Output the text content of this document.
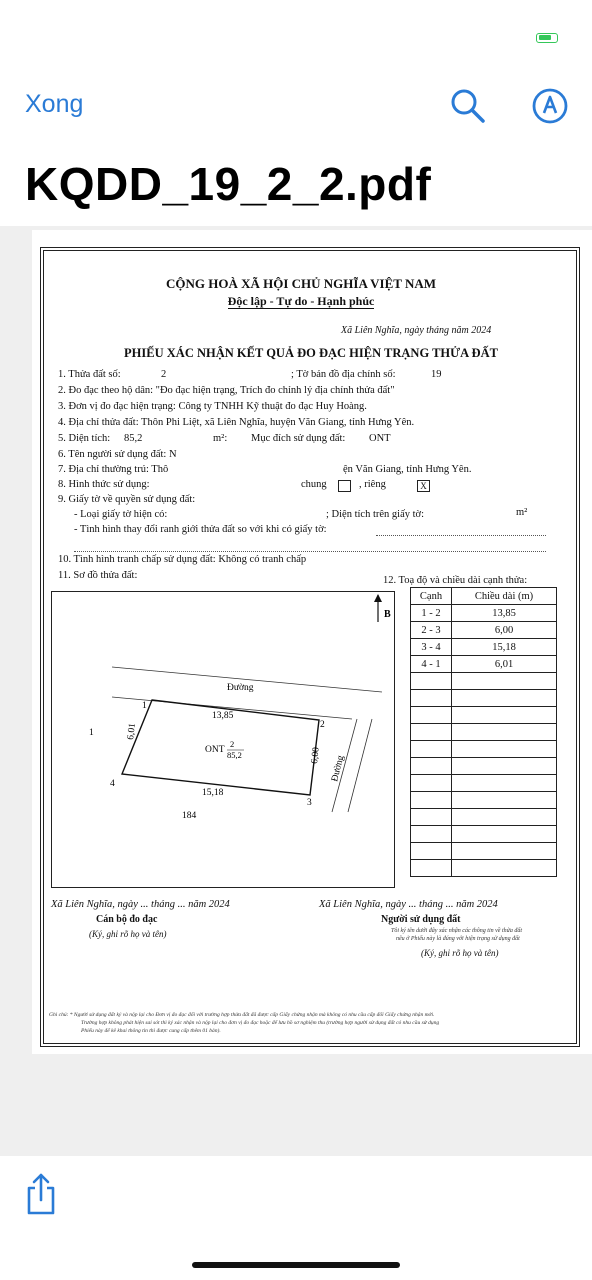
Xong
KQDD_19_2_2.pdf
CỘNG HOÀ XÃ HỘI CHỦ NGHĨA VIỆT NAM
Độc lập - Tự do - Hạnh phúc
Xã Liên Nghĩa, ngày tháng năm 2024
PHIẾU XÁC NHẬN KẾT QUẢ ĐO ĐẠC HIỆN TRẠNG THỬA ĐẤT
1. Thửa đất số:	2	; Tờ bản đồ địa chính số:	19
2. Đo đạc theo hộ dân: "Đo đạc hiện trạng, Trích đo chỉnh lý địa chính thửa đất"
3. Đơn vị đo đạc hiện trạng: Công ty TNHH Kỹ thuật đo đạc Huy Hoàng.
4. Địa chỉ thửa đất: Thôn Phi Liệt, xã Liên Nghĩa, huyện Văn Giang, tỉnh Hưng Yên.
5. Diện tích: 85,2	m²: Mục đích sử dụng đất: ONT
6. Tên người sử dụng đất: N
7. Địa chỉ thường trú: Thô	ện Văn Giang, tỉnh Hưng Yên.
8. Hình thức sử dụng:	chung	, riêng	X
9. Giấy tờ về quyền sử dụng đất:
- Loại giấy tờ hiện có:	; Diện tích trên giấy tờ:	m²
- Tình hình thay đổi ranh giới thửa đất so với khi có giấy tờ:
10. Tình hình tranh chấp sử dụng đất: Không có tranh chấp
11. Sơ đồ thửa đất:	12. Toạ độ và chiều dài cạnh thửa:
B
Đường
Đường
1
2
3
4
1
13,85
6,00
15,18
6,01
ONT
2
85,2
184
Cạnh	Chiều dài (m)
1 - 2	13,85
2 - 3	6,00
3 - 4	15,18
4 - 1	6,01

Xã Liên Nghĩa, ngày ... tháng ... năm 2024	Xã Liên Nghĩa, ngày ... tháng ... năm 2024
Cán bộ đo đạc	Người sử dụng đất
(Ký, ghi rõ họ và tên)	Tôi ký tên dưới đây xác nhận các thông tin về thửa đất
nêu ở Phiếu này là đúng với hiện trạng sử dụng đất
(Ký, ghi rõ họ và tên)
Ghi chú: * Người sử dụng đất ký và nộp lại cho Đơn vị đo đạc đối với trường hợp thửa đất đã được cấp Giấy chứng nhận mà không có nhu cầu cấp đổi Giấy chứng nhận mới.
Trường hợp không phát hiện sai sót thì ký xác nhận và nộp lại cho đơn vị đo đạc hoặc để lưu hồ sơ nghiệm thu (trường hợp người sử dụng đất có nhu cầu sử dụng
Phiếu này để kê khai thông tin thì được cung cấp thêm 01 bản).
